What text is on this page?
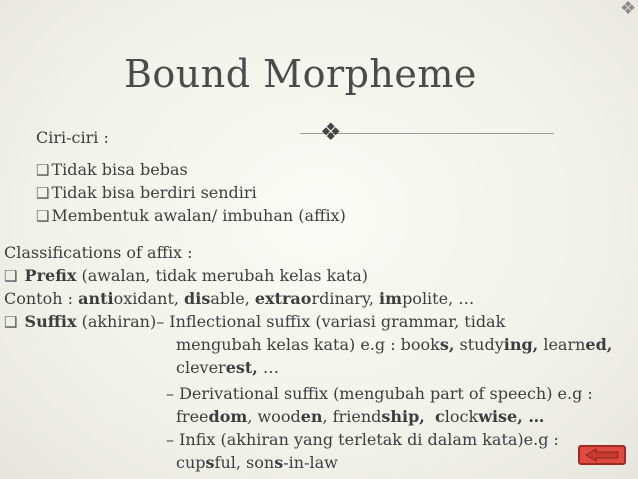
❖
Bound Morpheme
❖
Ciri-ciri :
❑ Tidak bisa bebas
❑ Tidak bisa berdiri sendiri
❑ Membentuk awalan/ imbuhan (affix)
Classifications of affix :
❑ Prefix (awalan, tidak merubah kelas kata)
Contoh : antioxidant, disable, extraordinary, impolite, …
❑ Suffix (akhiran)– Inflectional suffix (variasi grammar, tidak
mengubah kelas kata) e.g : books, studying, learned,
cleverest, …
– Derivational suffix (mengubah part of speech) e.g :
freedom, wooden, friendship, clockwise, …
– Infix (akhiran yang terletak di dalam kata)e.g :
cupsful, sons-in-law
